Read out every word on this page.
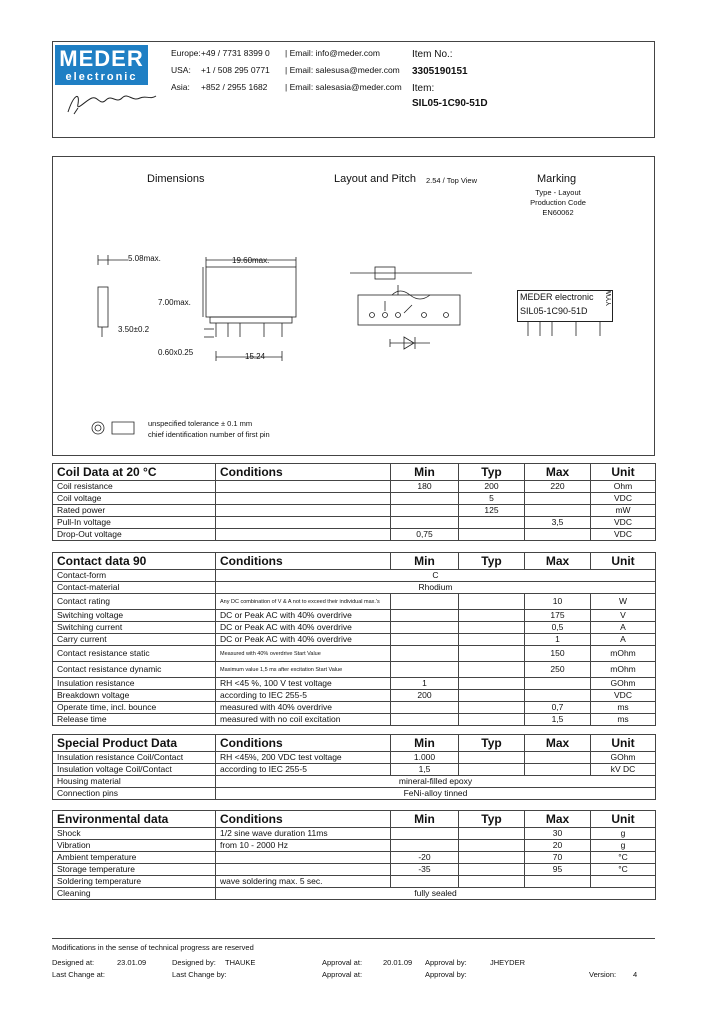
MEDER
electronic
Europe: +49 / 7731 8399 0 | Email: info@meder.com
USA: +1 / 508 295 0771 | Email: salesusa@meder.com
Asia: +852 / 2955 1682 | Email: salesasia@meder.com
Item No.:
3305190151
Item:
SIL05-1C90-51D
Dimensions	Layout and Pitch 2.54 / Top View	Marking
Type - Layout
Production Code
EN60062
5.08max.	19.60max.
7.00max.
3.50±0.2
0.60x0.25	15.24
MEDER electronic
SIL05-1C90-51D
YYW
unspecified tolerance ± 0.1 mm
chief identification number of first pin
Coil Data at 20 °C	Conditions	Min	Typ	Max	Unit
Coil resistance		180	200	220	Ohm
Coil voltage			5		VDC
Rated power			125		mW
Pull-In voltage				3,5	VDC
Drop-Out voltage		0,75			VDC
Contact data 90	Conditions	Min	Typ	Max	Unit
Contact-form	C				
Contact-material	Rhodium				
Contact rating	Any DC combination of V & A not to exceed their individual max.'s			10	W
Switching voltage	DC or Peak AC with 40% overdrive			175	V
Switching current	DC or Peak AC with 40% overdrive			0,5	A
Carry current	DC or Peak AC with 40% overdrive			1	A
Contact resistance static	Measured with 40% overdrive Start Value			150	mOhm
Contact resistance dynamic	Maximum value 1,5 ms after excitation Start Value			250	mOhm
Insulation resistance	RH <45 %, 100 V test voltage	1			GOhm
Breakdown voltage	according to IEC 255-5	200			VDC
Operate time, incl. bounce	measured with 40% overdrive			0,7	ms
Release time	measured with no coil excitation			1,5	ms
Special Product Data	Conditions	Min	Typ	Max	Unit
Insulation resistance Coil/Contact	RH <45%, 200 VDC test voltage	1.000			GOhm
Insulation voltage Coil/Contact	according to IEC 255-5	1,5			kV DC
Housing material	mineral-filled epoxy				
Connection pins	FeNi-alloy tinned				
Environmental data	Conditions	Min	Typ	Max	Unit
Shock	1/2 sine wave duration 11ms			30	g
Vibration	from 10 - 2000 Hz			20	g
Ambient temperature		-20		70	°C
Storage temperature		-35		95	°C
Soldering temperature	wave soldering max. 5 sec.				
Cleaning	fully sealed				
Modifications in the sense of technical progress are reserved
Designed at:	23.01.09	Designed by: THAUKE	Approval at:	20.01.09 Approval by:	JHEYDER
Last Change at:	Last Change by:	Approval at:	Approval by:	Version: 4
